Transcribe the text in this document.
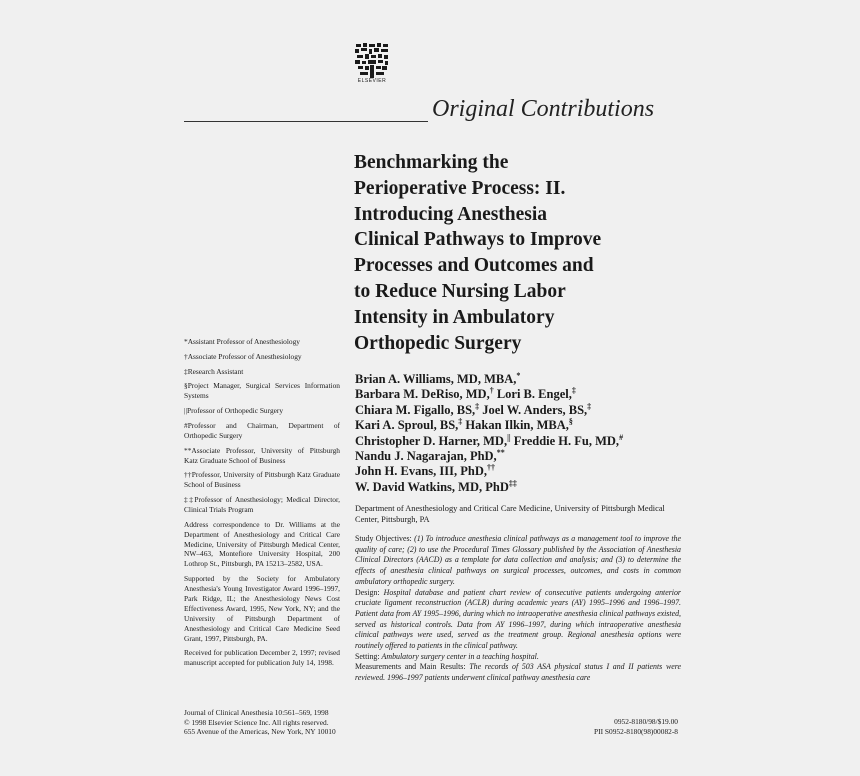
ELSEVIER
Original Contributions
Benchmarking the
Perioperative Process: II.
Introducing Anesthesia
Clinical Pathways to Improve
Processes and Outcomes and
to Reduce Nursing Labor
Intensity in Ambulatory
Orthopedic Surgery
Brian A. Williams, MD, MBA,*
Barbara M. DeRiso, MD,† Lori B. Engel,‡
Chiara M. Figallo, BS,‡ Joel W. Anders, BS,‡
Kari A. Sproul, BS,‡ Hakan Ilkin, MBA,§
Christopher D. Harner, MD,|| Freddie H. Fu, MD,#
Nandu J. Nagarajan, PhD,**
John H. Evans, III, PhD,††
W. David Watkins, MD, PhD‡‡
Department of Anesthesiology and Critical Care Medicine, University of Pittsburgh Medical Center, Pittsburgh, PA

Study Objectives: (1) To introduce anesthesia clinical pathways as a management tool to improve the quality of care; (2) to use the Procedural Times Glossary published by the Association of Anesthesia Clinical Directors (AACD) as a template for data collection and analysis; and (3) to determine the effects of anesthesia clinical pathways on surgical processes, outcomes, and costs in common ambulatory orthopedic surgery.

Design: Hospital database and patient chart review of consecutive patients undergoing anterior cruciate ligament reconstruction (ACLR) during academic years (AY) 1995–1996 and 1996–1997. Patient data from AY 1995–1996, during which no intraoperative anesthesia clinical pathways existed, served as historical controls. Data from AY 1996–1997, during which intraoperative anesthesia clinical pathways were used, served as the treatment group. Regional anesthesia options were routinely offered to patients in the clinical pathway.

Setting: Ambulatory surgery center in a teaching hospital.

Measurements and Main Results: The records of 503 ASA physical status I and II patients were reviewed. 1996–1997 patients underwent clinical pathway anesthesia care

*Assistant Professor of Anesthesiology

†Associate Professor of Anesthesiology

‡Research Assistant

§Project Manager, Surgical Services Information Systems

||Professor of Orthopedic Surgery

#Professor and Chairman, Department of Orthopedic Surgery

**Associate Professor, University of Pittsburgh Katz Graduate School of Business

††Professor, University of Pittsburgh Katz Graduate School of Business

‡‡Professor of Anesthesiology; Medical Director, Clinical Trials Program

Address correspondence to Dr. Williams at the Department of Anesthesiology and Critical Care Medicine, University of Pittsburgh Medical Center, NW–463, Montefiore University Hospital, 200 Lothrop St., Pittsburgh, PA 15213–2582, USA.

Supported by the Society for Ambulatory Anesthesia's Young Investigator Award 1996–1997, Park Ridge, IL; the Anesthesiology News Cost Effectiveness Award, 1995, New York, NY; and the University of Pittsburgh Department of Anesthesiology and Critical Care Medicine Seed Grant, 1997, Pittsburgh, PA.

Received for publication December 2, 1997; revised manuscript accepted for publication July 14, 1998.

Journal of Clinical Anesthesia 10:561–569, 1998
© 1998 Elsevier Science Inc. All rights reserved.
655 Avenue of the Americas, New York, NY 10010
0952-8180/98/$19.00
PII S0952-8180(98)00082-8
